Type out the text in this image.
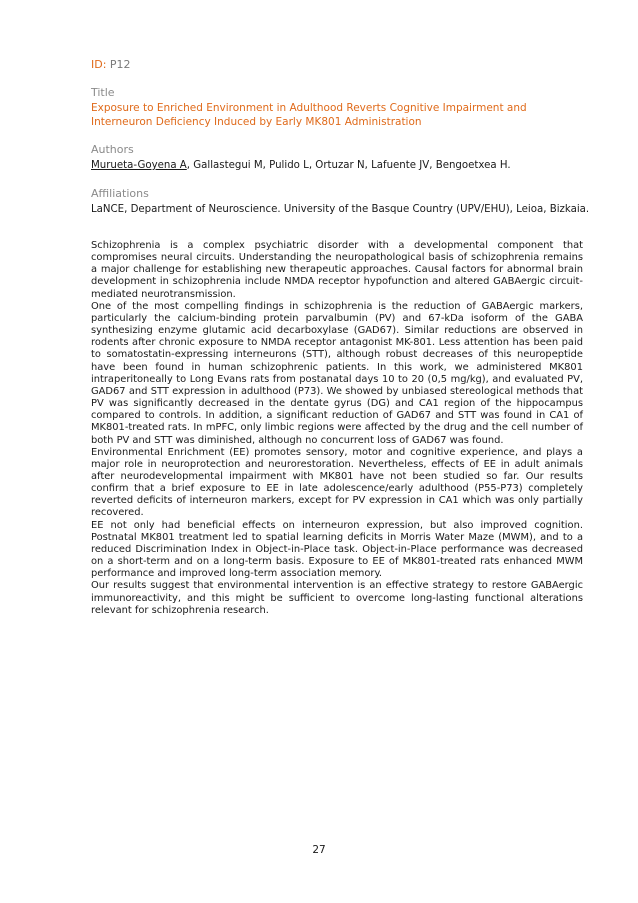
ID: P12
Title
Exposure to Enriched Environment in Adulthood Reverts Cognitive Impairment and Interneuron Deficiency Induced by Early MK801 Administration
Authors
Murueta-Goyena A, Gallastegui M, Pulido L, Ortuzar N, Lafuente JV, Bengoetxea H.
Affiliations
LaNCE, Department of Neuroscience. University of the Basque Country (UPV/EHU), Leioa, Bizkaia.

Schizophrenia is a complex psychiatric disorder with a developmental component that compromises neural circuits. Understanding the neuropathological basis of schizophrenia remains a major challenge for establishing new therapeutic approaches. Causal factors for abnormal brain development in schizophrenia include NMDA receptor hypofunction and altered GABAergic circuit-mediated neurotransmission.

One of the most compelling findings in schizophrenia is the reduction of GABAergic markers, particularly the calcium-binding protein parvalbumin (PV) and 67-kDa isoform of the GABA synthesizing enzyme glutamic acid decarboxylase (GAD67). Similar reductions are observed in rodents after chronic exposure to NMDA receptor antagonist MK-801. Less attention has been paid to somatostatin-expressing interneurons (STT), although robust decreases of this neuropeptide have been found in human schizophrenic patients. In this work, we administered MK801 intraperitoneally to Long Evans rats from postanatal days 10 to 20 (0,5 mg/kg), and evaluated PV, GAD67 and STT expression in adulthood (P73). We showed by unbiased stereological methods that PV was significantly decreased in the dentate gyrus (DG) and CA1 region of the hippocampus compared to controls. In addition, a significant reduction of GAD67 and STT was found in CA1 of MK801-treated rats. In mPFC, only limbic regions were affected by the drug and the cell number of both PV and STT was diminished, although no concurrent loss of GAD67 was found.

Environmental Enrichment (EE) promotes sensory, motor and cognitive experience, and plays a major role in neuroprotection and neurorestoration. Nevertheless, effects of EE in adult animals after neurodevelopmental impairment with MK801 have not been studied so far. Our results confirm that a brief exposure to EE in late adolescence/early adulthood (P55-P73) completely reverted deficits of interneuron markers, except for PV expression in CA1 which was only partially recovered.

EE not only had beneficial effects on interneuron expression, but also improved cognition. Postnatal MK801 treatment led to spatial learning deficits in Morris Water Maze (MWM), and to a reduced Discrimination Index in Object-in-Place task. Object-in-Place performance was decreased on a short-term and on a long-term basis. Exposure to EE of MK801-treated rats enhanced MWM performance and improved long-term association memory.

Our results suggest that environmental intervention is an effective strategy to restore GABAergic immunoreactivity, and this might be sufficient to overcome long-lasting functional alterations relevant for schizophrenia research.

27
